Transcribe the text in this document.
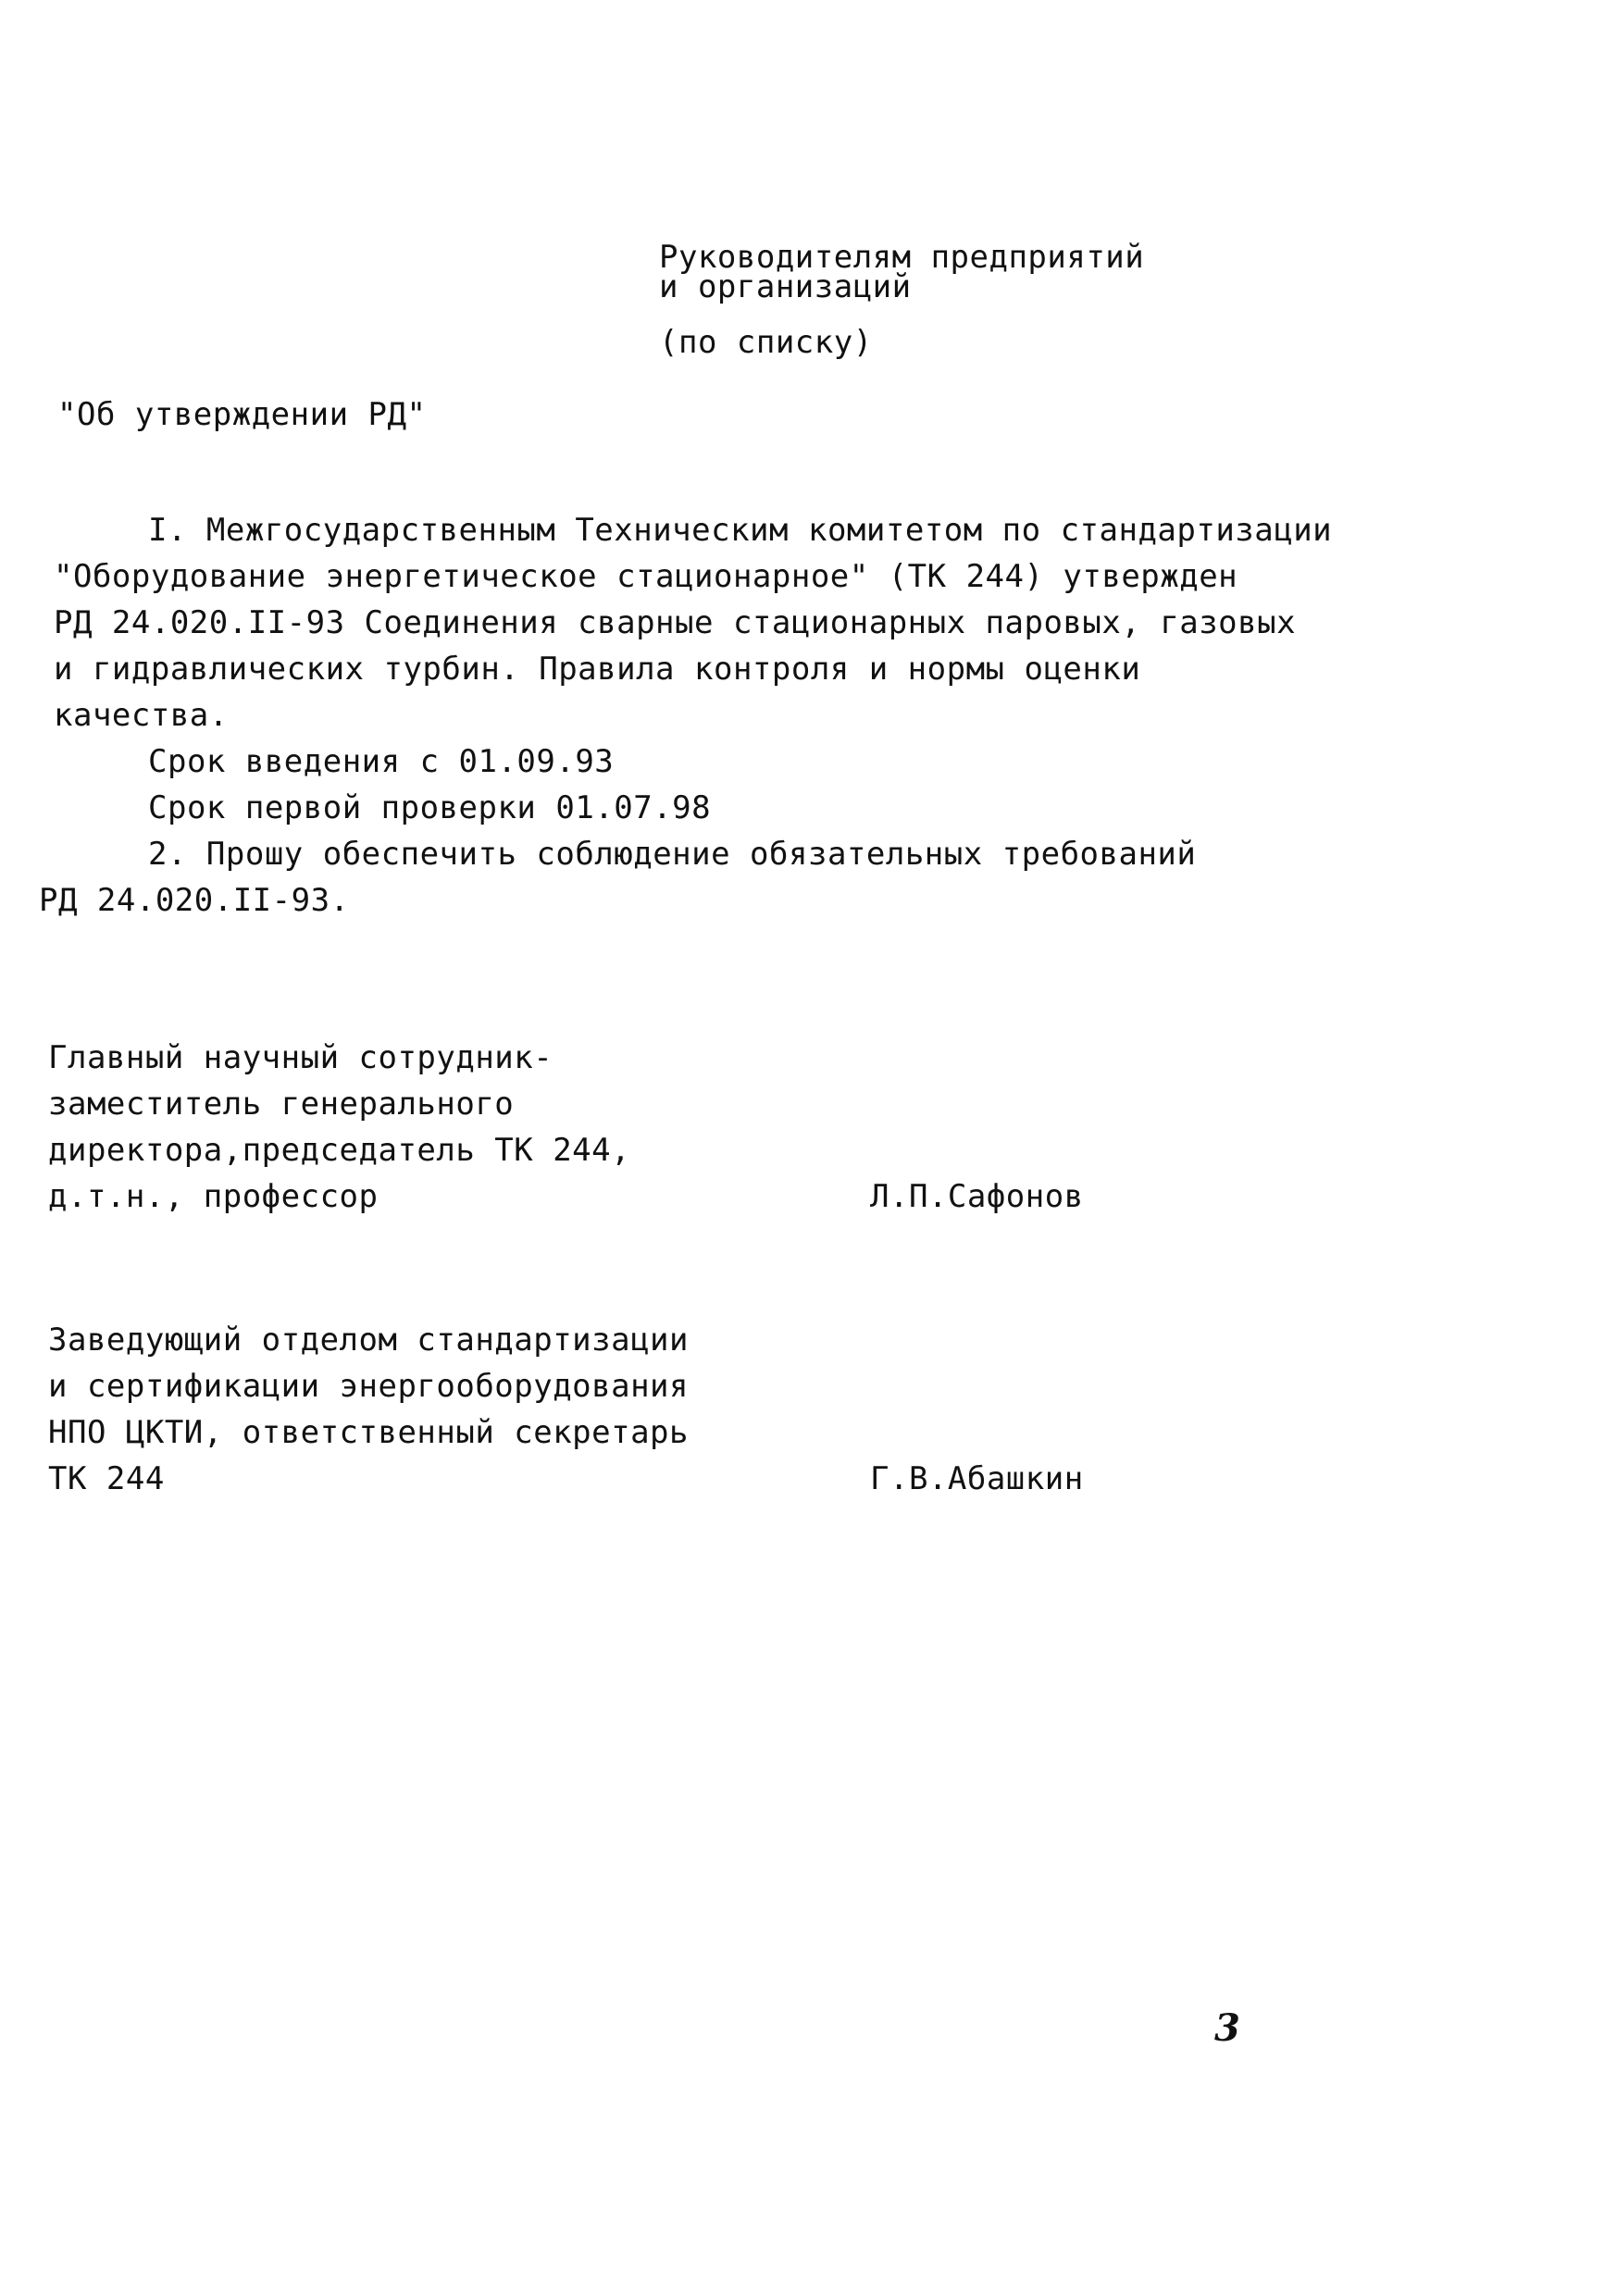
Руководителям предприятий
и организаций
(по списку)
"Об утверждении РД"
I. Межгосударственным Техническим комитетом по стандартизации
"Оборудование энергетическое стационарное" (ТК 244) утвержден
РД 24.020.II-93 Соединения сварные стационарных паровых, газовых
и гидравлических турбин. Правила контроля и нормы оценки
качества.
Срок введения с 01.09.93
Срок первой проверки 01.07.98
2. Прошу обеспечить соблюдение обязательных требований
РД 24.020.II-93.
Главный научный сотрудник-
заместитель генерального
директора,председатель ТК 244,
д.т.н., профессор	Л.П.Сафонов
Заведующий отделом стандартизации
и сертификации энергооборудования
НПО ЦКТИ, ответственный секретарь
ТК 244	Г.В.Абашкин
3
